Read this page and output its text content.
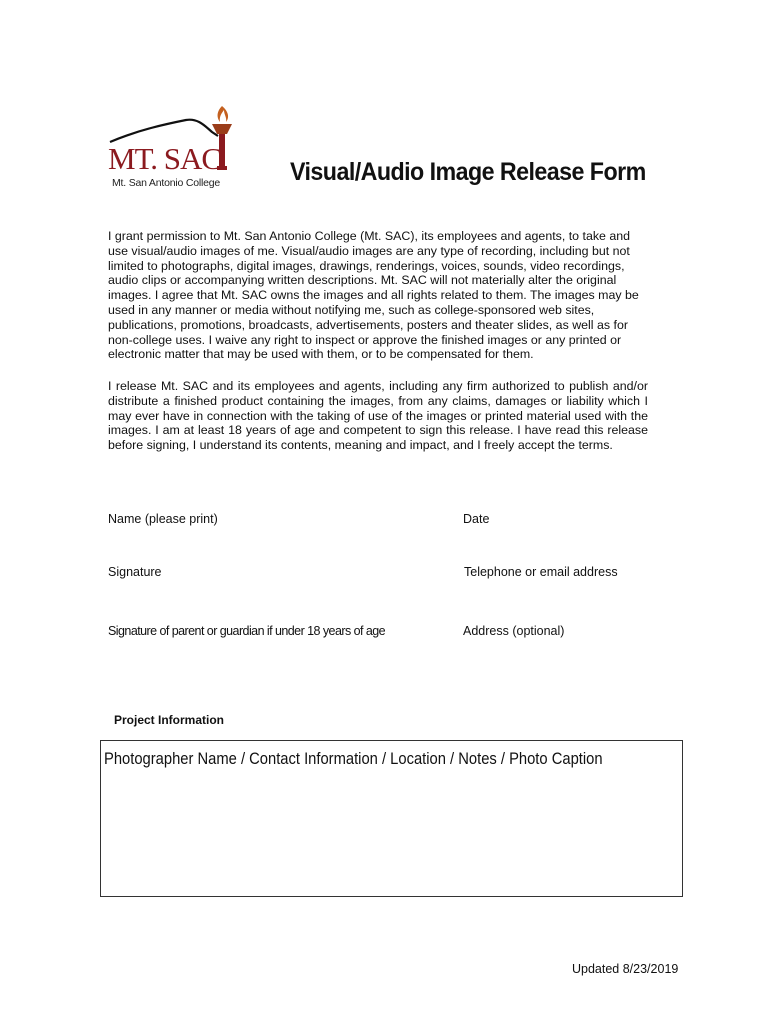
MT. SAC
Mt. San Antonio College	Visual/Audio Image Release Form

I grant permission to Mt. San Antonio College (Mt. SAC), its employees and agents, to take and use visual/audio images of me. Visual/audio images are any type of recording, including but not limited to photographs, digital images, drawings, renderings, voices, sounds, video recordings, audio clips or accompanying written descriptions. Mt. SAC will not materially alter the original images. I agree that Mt. SAC owns the images and all rights related to them. The images may be used in any manner or media without notifying me, such as college-sponsored web sites, publications, promotions, broadcasts, advertisements, posters and theater slides, as well as for non-college uses. I waive any right to inspect or approve the finished images or any printed or electronic matter that may be used with them, or to be compensated for them.

I release Mt. SAC and its employees and agents, including any firm authorized to publish and/or distribute a finished product containing the images, from any claims, damages or liability which I may ever have in connection with the taking of use of the images or printed material used with the images. I am at least 18 years of age and competent to sign this release. I have read this release before signing, I understand its contents, meaning and impact, and I freely accept the terms.

Name (please print)	Date
Signature	Telephone or email address
Signature of parent or guardian if under 18 years of age	Address (optional)
Project Information
Photographer Name / Contact Information / Location / Notes / Photo Caption
Updated 8/23/2019
